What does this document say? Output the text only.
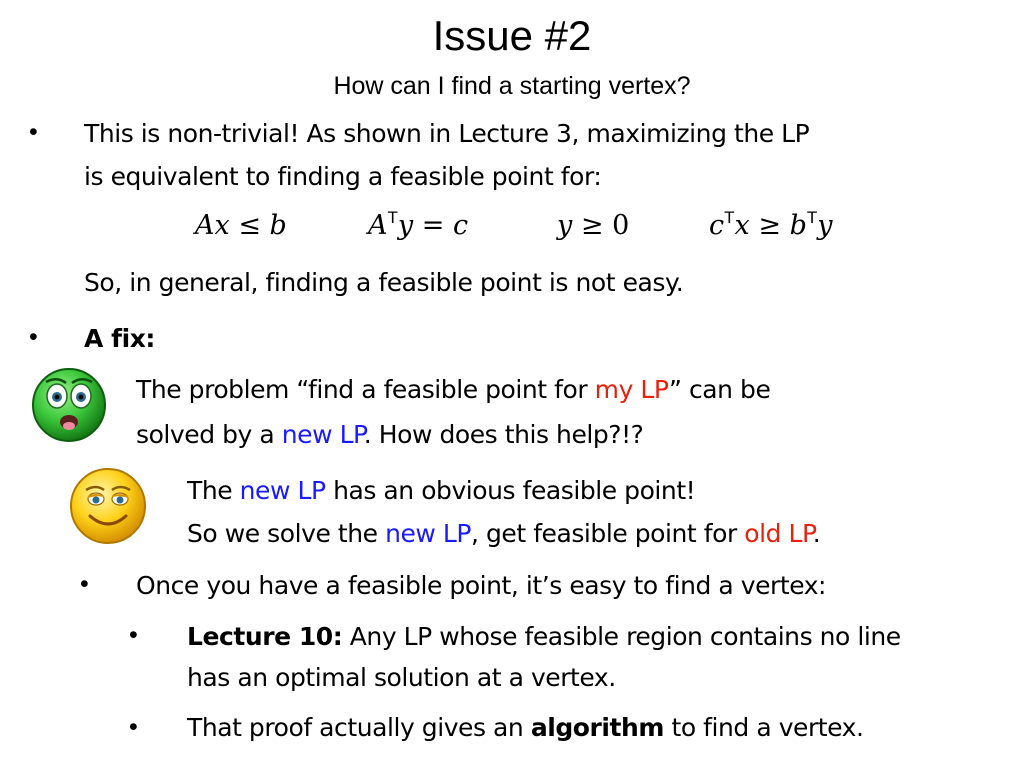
Issue #2
How can I find a starting vertex?
• This is non-trivial! As shown in Lecture 3, maximizing the LP
is equivalent to finding a feasible point for:
Ax ≤ b	$A^Ty = c$	y ≥ 0	$c^Tx \ge b^Ty$
So, in general, finding a feasible point is not easy.
• A fix:
The problem “find a feasible point for my LP” can be
solved by a new LP. How does this help?!?
The new LP has an obvious feasible point!
So we solve the new LP, get feasible point for old LP.
• Once you have a feasible point, it’s easy to find a vertex:
• Lecture 10: Any LP whose feasible region contains no line
has an optimal solution at a vertex.
• That proof actually gives an algorithm to find a vertex.
